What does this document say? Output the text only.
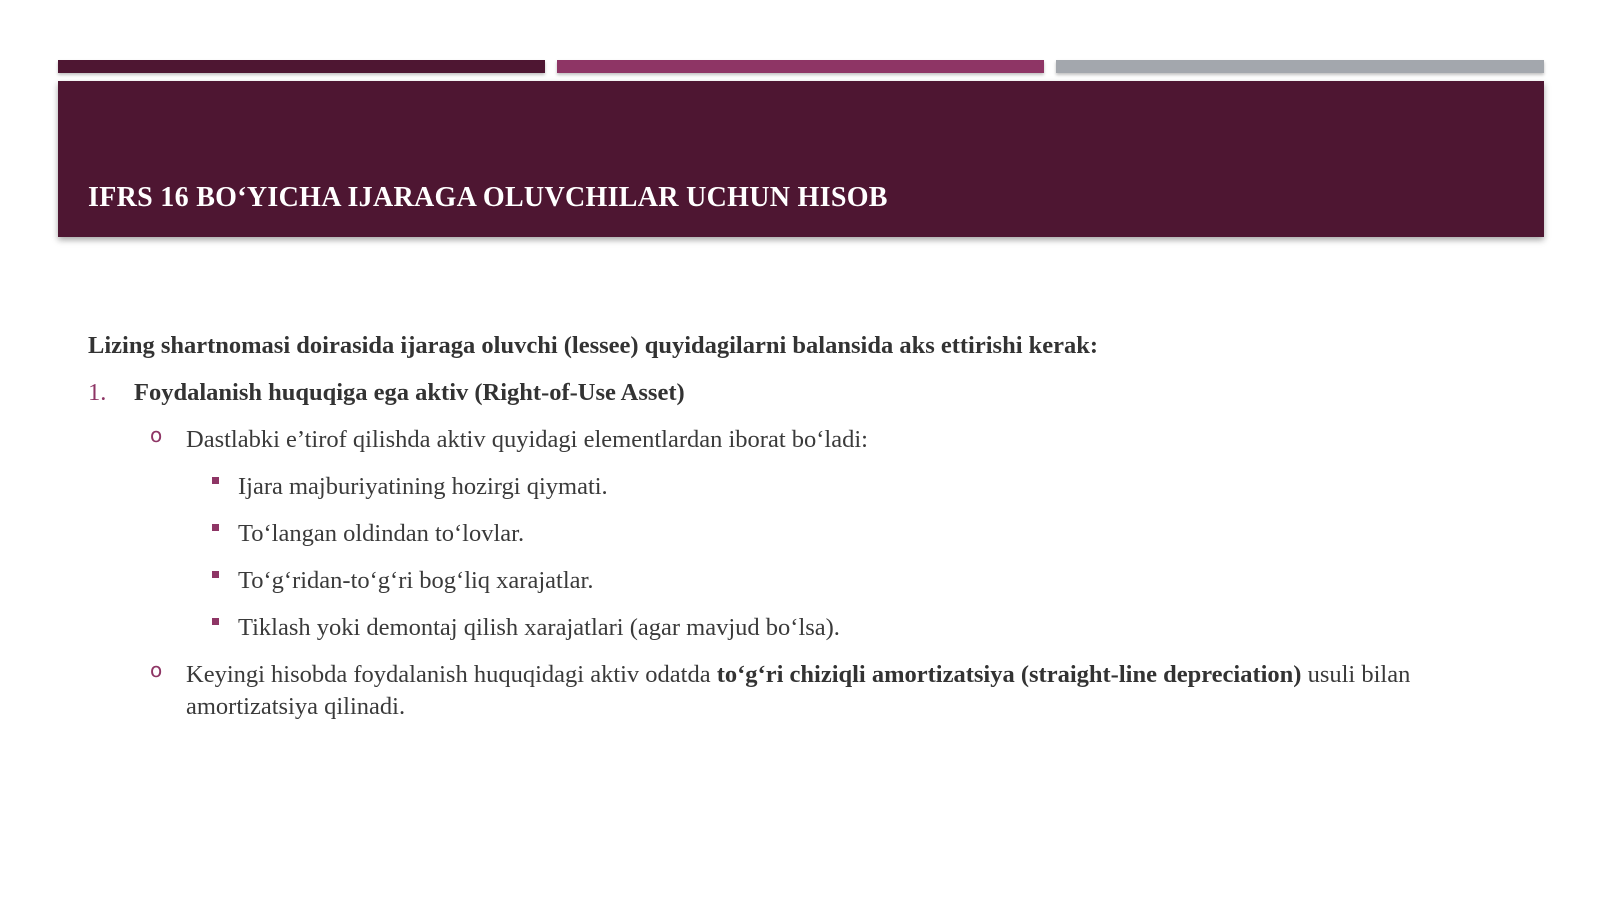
IFRS 16 BO‘YICHA IJARAGA OLUVCHILAR UCHUN HISOB

Lizing shartnomasi doirasida ijaraga oluvchi (lessee) quyidagilarni balansida aks ettirishi kerak:

1. Foydalanish huquqiga ega aktiv (Right-of-Use Asset)
o Dastlabki e’tirof qilishda aktiv quyidagi elementlardan iborat bo‘ladi:
Ijara majburiyatining hozirgi qiymati.
To‘langan oldindan to‘lovlar.
To‘g‘ridan-to‘g‘ri bog‘liq xarajatlar.
Tiklash yoki demontaj qilish xarajatlari (agar mavjud bo‘lsa).
o Keyingi hisobda foydalanish huquqidagi aktiv odatda to‘g‘ri chiziqli amortizatsiya (straight-line depreciation) usuli bilan amortizatsiya qilinadi.
